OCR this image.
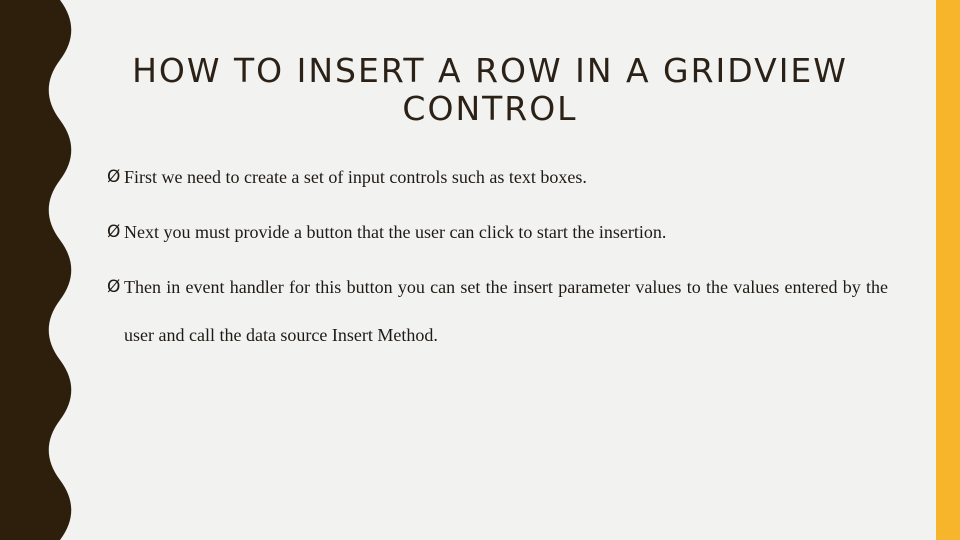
HOW TO INSERT A ROW IN A GRIDVIEW CONTROL
Ø First we need to create a set of input controls such as text boxes.
Ø Next you must provide a button that the user can click to start the insertion.
Ø Then in event handler for this button you can set the insert parameter values to the values entered by the user and call the data source Insert Method.
